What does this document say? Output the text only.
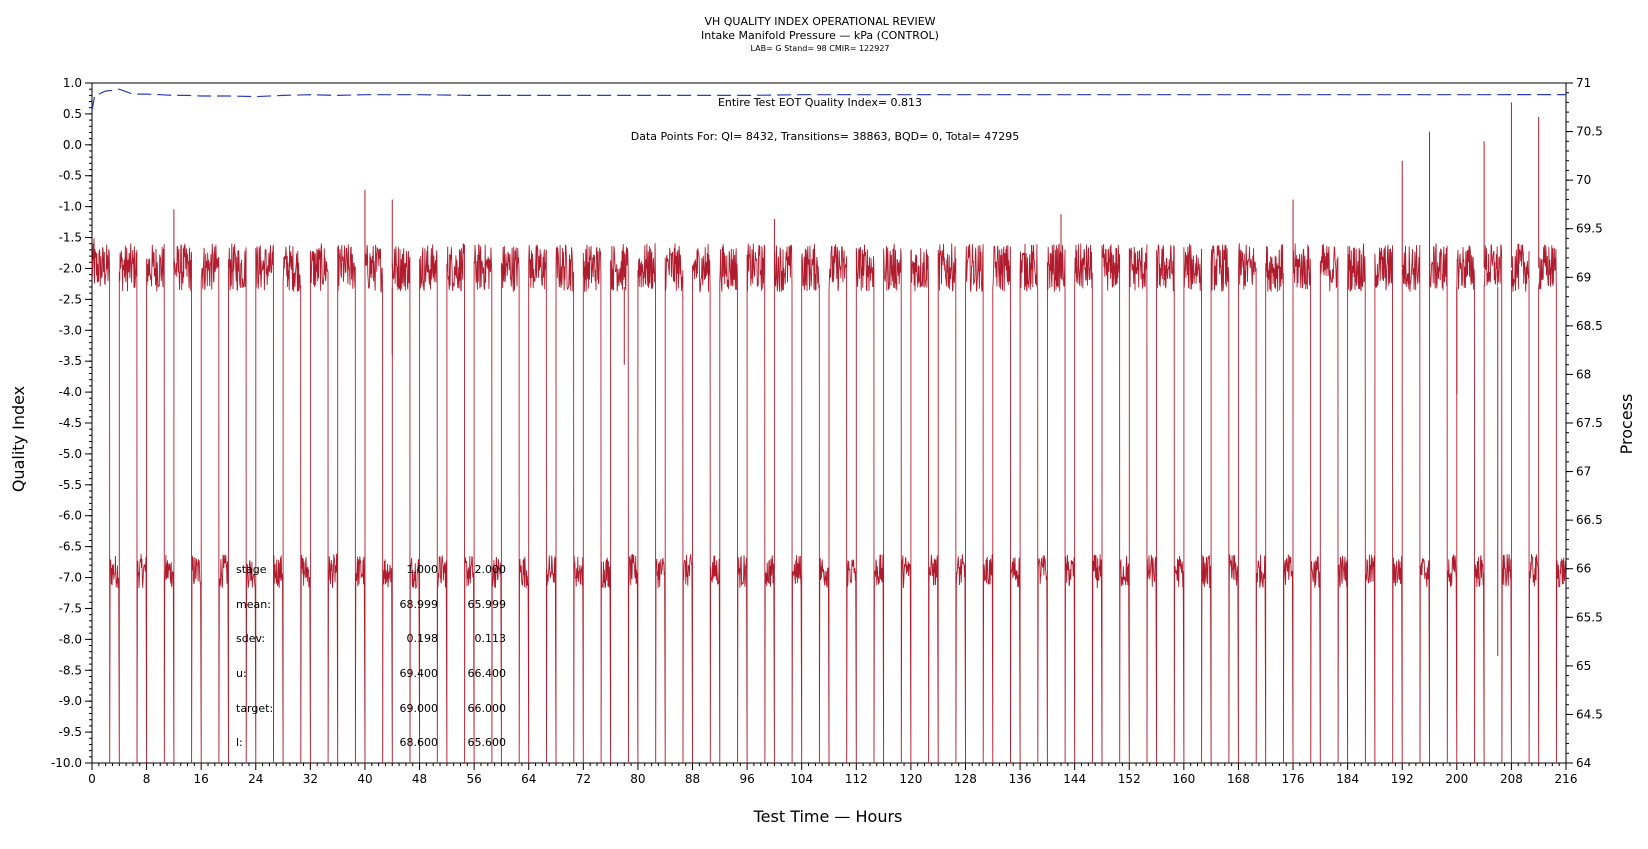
VH QUALITY INDEX OPERATIONAL REVIEW
Intake Manifold Pressure — kPa (CONTROL)
LAB= G Stand= 98 CMIR= 122927
0	8	16	24	32	40	48	56	64	72	80	88	96	104	112	120	128	136	144	152	160	168	176	184	192	200	208	216
1.0
0.5
0.0
-0.5
-1.0
-1.5
-2.0
-2.5
-3.0
-3.5
-4.0
-4.5
-5.0
-5.5
-6.0
-6.5
-7.0
-7.5
-8.0
-8.5
-9.0
-9.5
-10.0
71
70.5
70
69.5
69
68.5
68
67.5
67
66.5
66
65.5
65
64.5
64
Entire Test EOT Quality Index= 0.813
Data Points For: QI= 8432, Transitions= 38863, BQD= 0, Total= 47295
stage	1.000	2.000
mean:	68.999	65.999
sdev:	0.198	0.113
u:	69.400	66.400
target:	69.000	66.000
l:	68.600	65.600
Test Time — Hours
Quality Index	Process
